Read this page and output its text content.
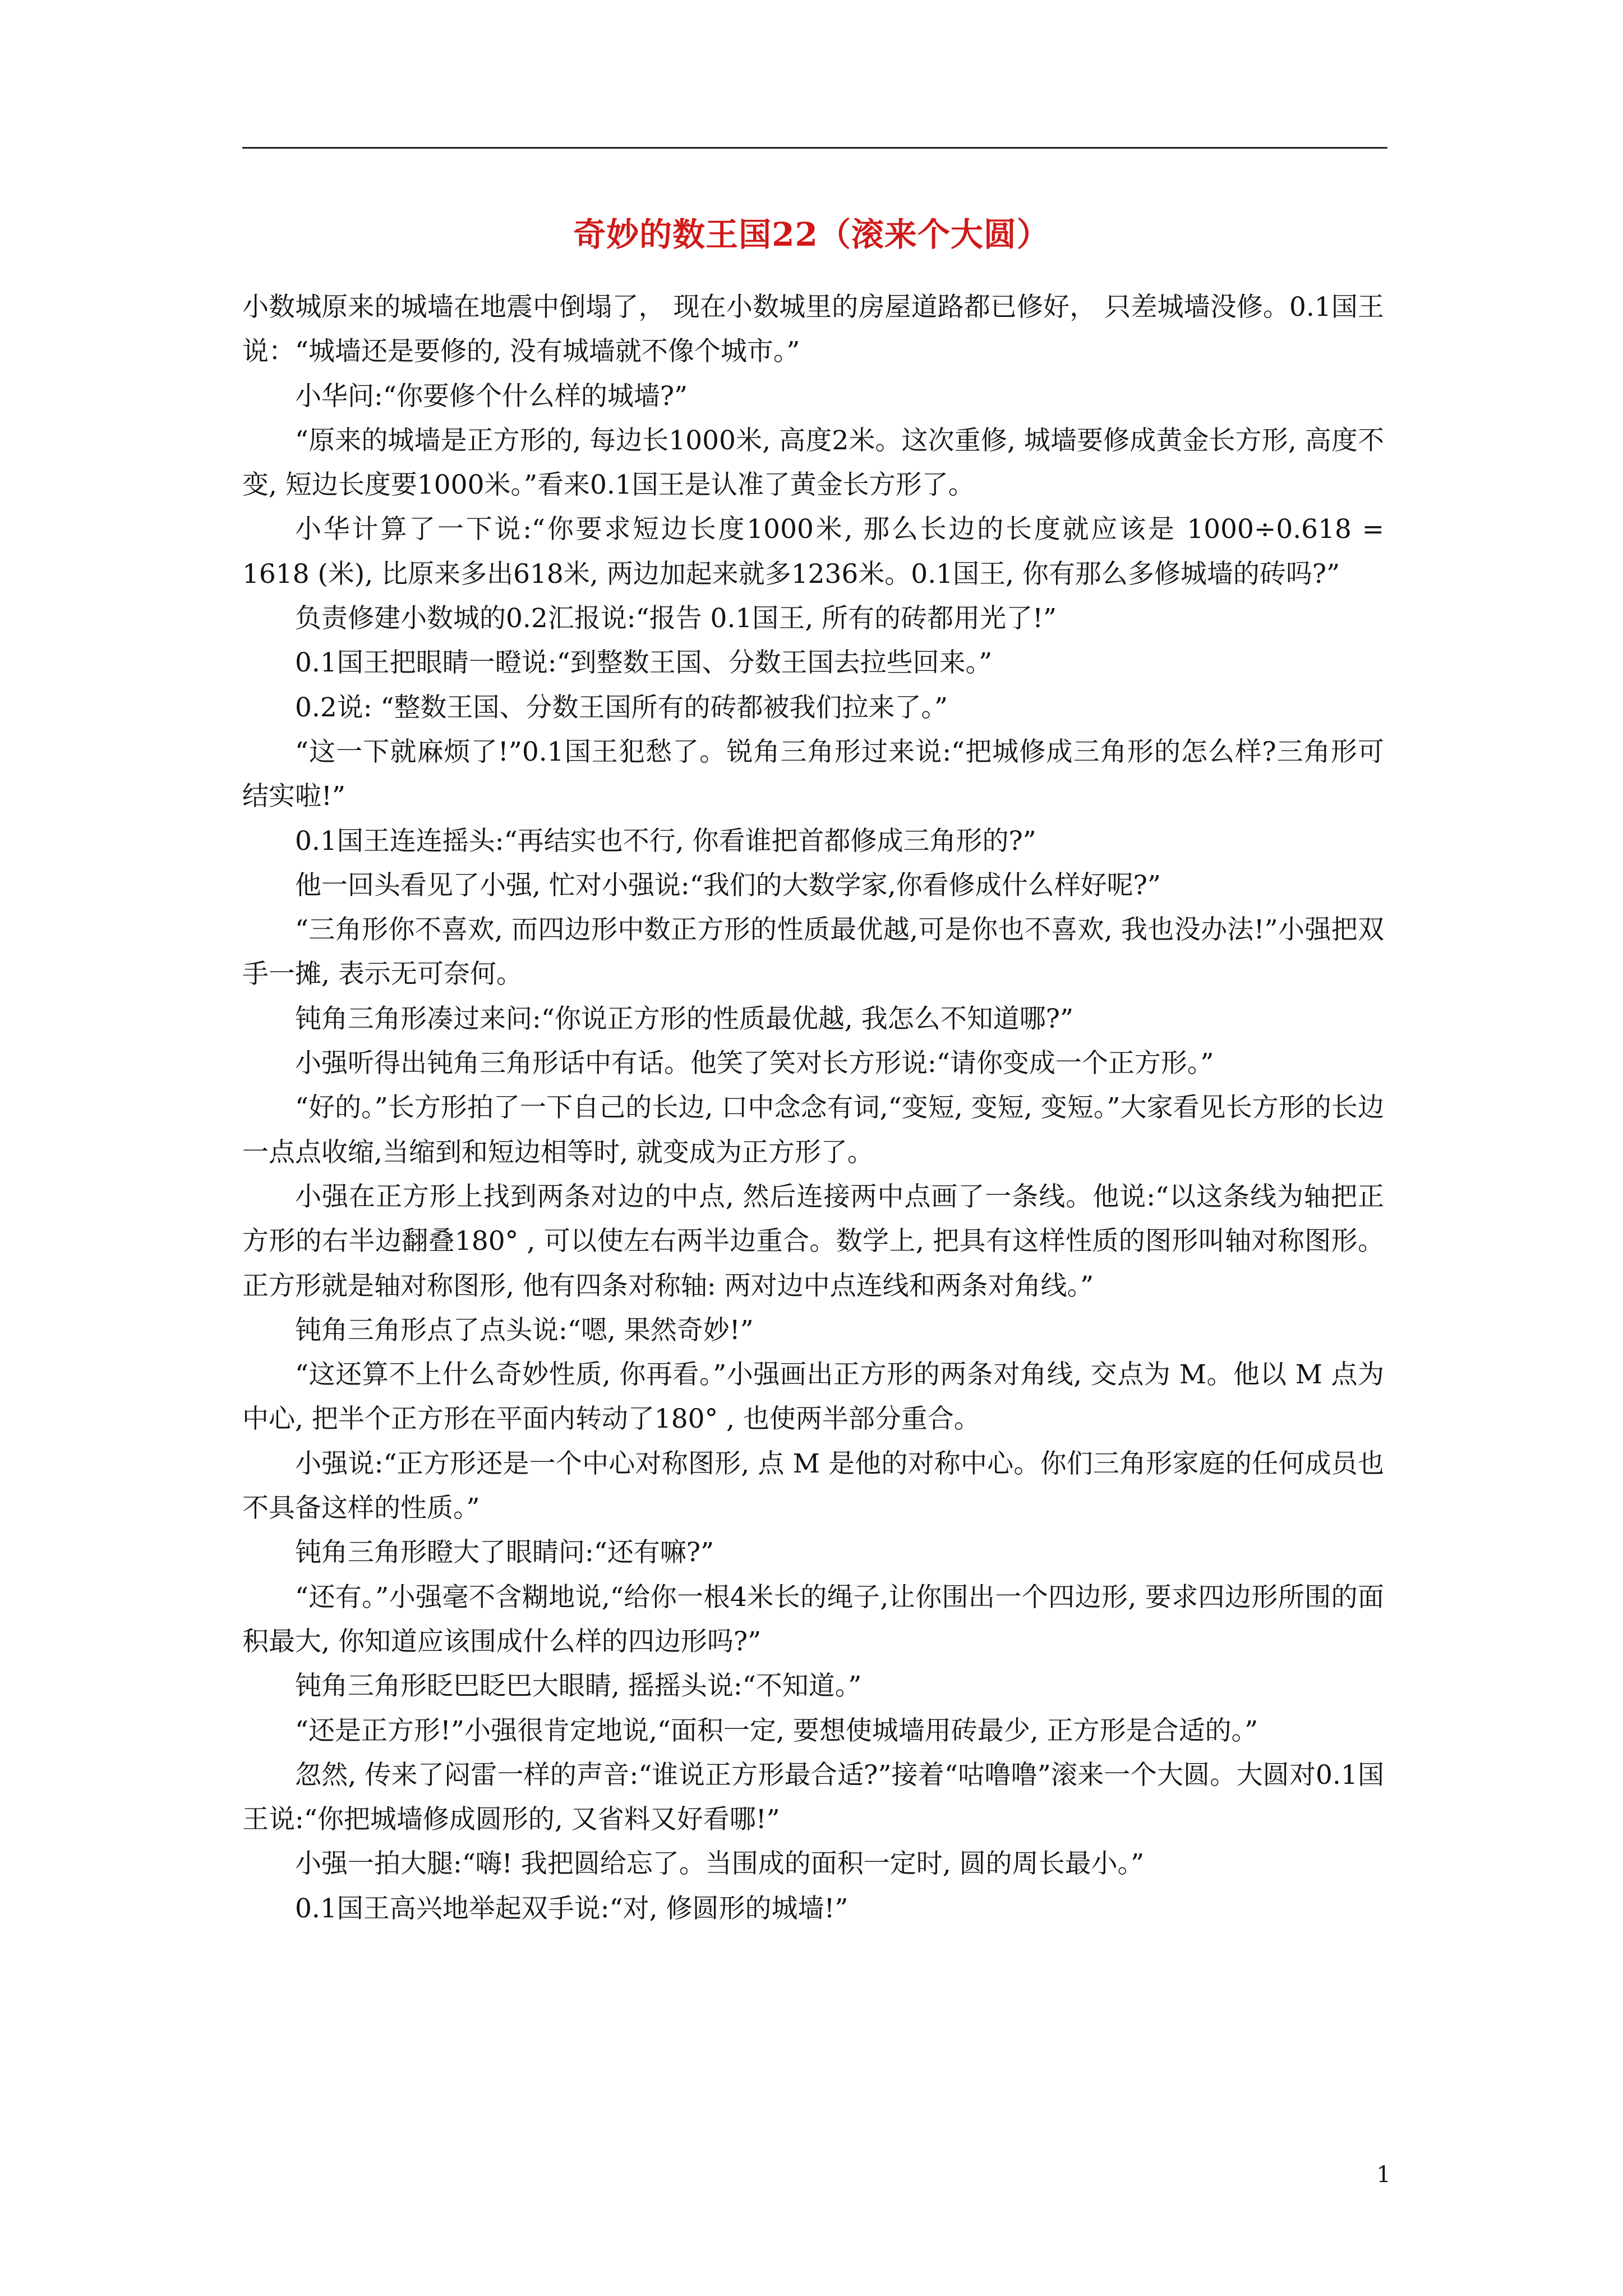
奇妙的数王国22（滚来个大圆）

小数城原来的城墙在地震中倒塌了， 现在小数城里的房屋道路都已修好， 只差城墙没修。0.1国王说：“城墙还是要修的, 没有城墙就不像个城市。”

小华问:“你要修个什么样的城墙?”

“原来的城墙是正方形的, 每边长1000米, 高度2米。这次重修, 城墙要修成黄金长方形, 高度不变, 短边长度要1000米。”看来0.1国王是认准了黄金长方形了。

小华计算了一下说:“你要求短边长度1000米, 那么长边的长度就应该是 1000÷0.618 = 1618 (米), 比原来多出618米, 两边加起来就多1236米。0.1国王, 你有那么多修城墙的砖吗?”

负责修建小数城的0.2汇报说:“报告 0.1国王, 所有的砖都用光了!”

0.1国王把眼睛一瞪说:“到整数王国、分数王国去拉些回来。”

0.2说: “整数王国、分数王国所有的砖都被我们拉来了。”

“这一下就麻烦了!”0.1国王犯愁了。锐角三角形过来说:“把城修成三角形的怎么样?三角形可结实啦!”

0.1国王连连摇头:“再结实也不行, 你看谁把首都修成三角形的?”

他一回头看见了小强, 忙对小强说:“我们的大数学家,你看修成什么样好呢?”

“三角形你不喜欢, 而四边形中数正方形的性质最优越,可是你也不喜欢, 我也没办法!”小强把双手一摊, 表示无可奈何。

钝角三角形凑过来问:“你说正方形的性质最优越, 我怎么不知道哪?”

小强听得出钝角三角形话中有话。他笑了笑对长方形说:“请你变成一个正方形。”

“好的。”长方形拍了一下自己的长边, 口中念念有词,“变短, 变短, 变短。”大家看见长方形的长边一点点收缩,当缩到和短边相等时, 就变成为正方形了。

小强在正方形上找到两条对边的中点, 然后连接两中点画了一条线。他说:“以这条线为轴把正方形的右半边翻叠180° , 可以使左右两半边重合。数学上, 把具有这样性质的图形叫轴对称图形。正方形就是轴对称图形, 他有四条对称轴: 两对边中点连线和两条对角线。”

钝角三角形点了点头说:“嗯, 果然奇妙!”

“这还算不上什么奇妙性质, 你再看。”小强画出正方形的两条对角线, 交点为 M。他以 M 点为中心, 把半个正方形在平面内转动了180° , 也使两半部分重合。

小强说:“正方形还是一个中心对称图形, 点 M 是他的对称中心。你们三角形家庭的任何成员也不具备这样的性质。”

钝角三角形瞪大了眼睛问:“还有嘛?”

“还有。”小强毫不含糊地说,“给你一根4米长的绳子,让你围出一个四边形, 要求四边形所围的面积最大, 你知道应该围成什么样的四边形吗?”

钝角三角形眨巴眨巴大眼睛, 摇摇头说:“不知道。”

“还是正方形!”小强很肯定地说,“面积一定, 要想使城墙用砖最少, 正方形是合适的。”

忽然, 传来了闷雷一样的声音:“谁说正方形最合适?”接着“咕噜噜”滚来一个大圆。大圆对0.1国王说:“你把城墙修成圆形的, 又省料又好看哪!”

小强一拍大腿:“嗨! 我把圆给忘了。当围成的面积一定时, 圆的周长最小。”

0.1国王高兴地举起双手说:“对, 修圆形的城墙!”

1
